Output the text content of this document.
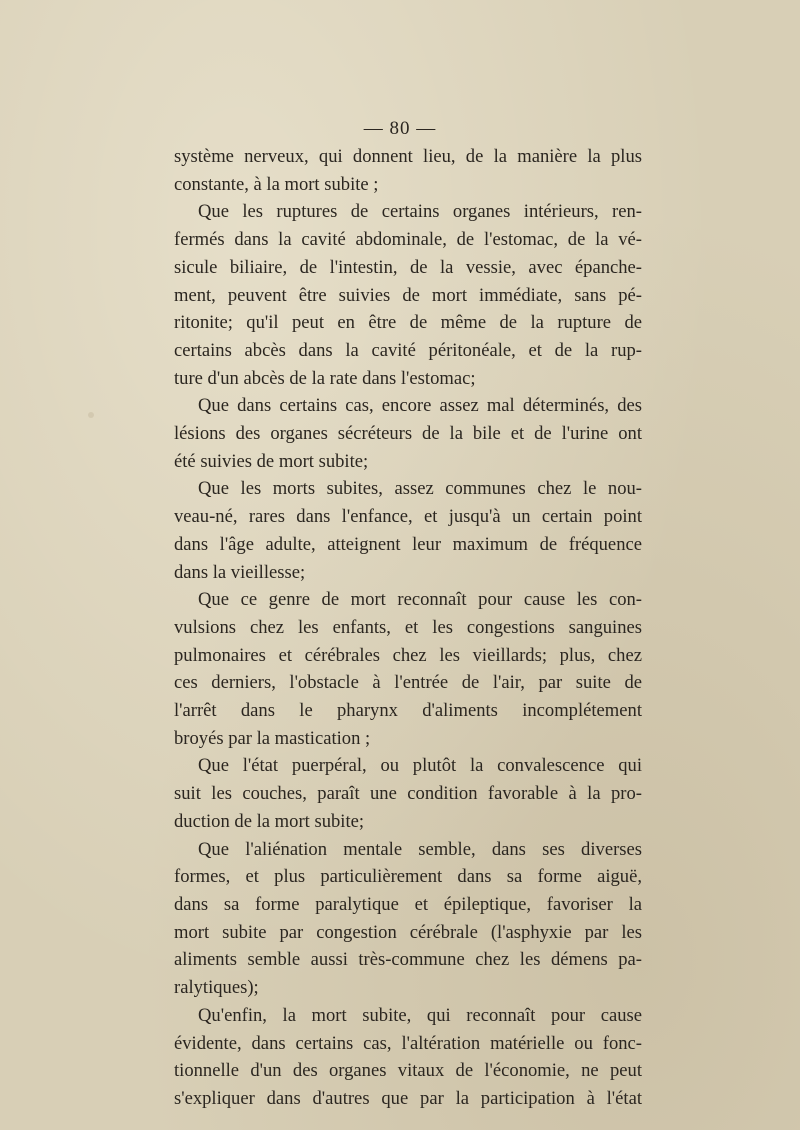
— 80 —
système nerveux, qui donnent lieu, de la manière la plus
constante, à la mort subite ;
Que les ruptures de certains organes intérieurs, ren-
fermés dans la cavité abdominale, de l'estomac, de la vé-
sicule biliaire, de l'intestin, de la vessie, avec épanche-
ment, peuvent être suivies de mort immédiate, sans pé-
ritonite; qu'il peut en être de même de la rupture de
certains abcès dans la cavité péritonéale, et de la rup-
ture d'un abcès de la rate dans l'estomac;
Que dans certains cas, encore assez mal déterminés, des
lésions des organes sécréteurs de la bile et de l'urine ont
été suivies de mort subite;
Que les morts subites, assez communes chez le nou-
veau-né, rares dans l'enfance, et jusqu'à un certain point
dans l'âge adulte, atteignent leur maximum de fréquence
dans la vieillesse;
Que ce genre de mort reconnaît pour cause les con-
vulsions chez les enfants, et les congestions sanguines
pulmonaires et cérébrales chez les vieillards; plus, chez
ces derniers, l'obstacle à l'entrée de l'air, par suite de
l'arrêt dans le pharynx d'aliments incomplétement
broyés par la mastication ;
Que l'état puerpéral, ou plutôt la convalescence qui
suit les couches, paraît une condition favorable à la pro-
duction de la mort subite;
Que l'aliénation mentale semble, dans ses diverses
formes, et plus particulièrement dans sa forme aiguë,
dans sa forme paralytique et épileptique, favoriser la
mort subite par congestion cérébrale (l'asphyxie par les
aliments semble aussi très-commune chez les démens pa-
ralytiques);
Qu'enfin, la mort subite, qui reconnaît pour cause
évidente, dans certains cas, l'altération matérielle ou fonc-
tionnelle d'un des organes vitaux de l'économie, ne peut
s'expliquer dans d'autres que par la participation à l'état
